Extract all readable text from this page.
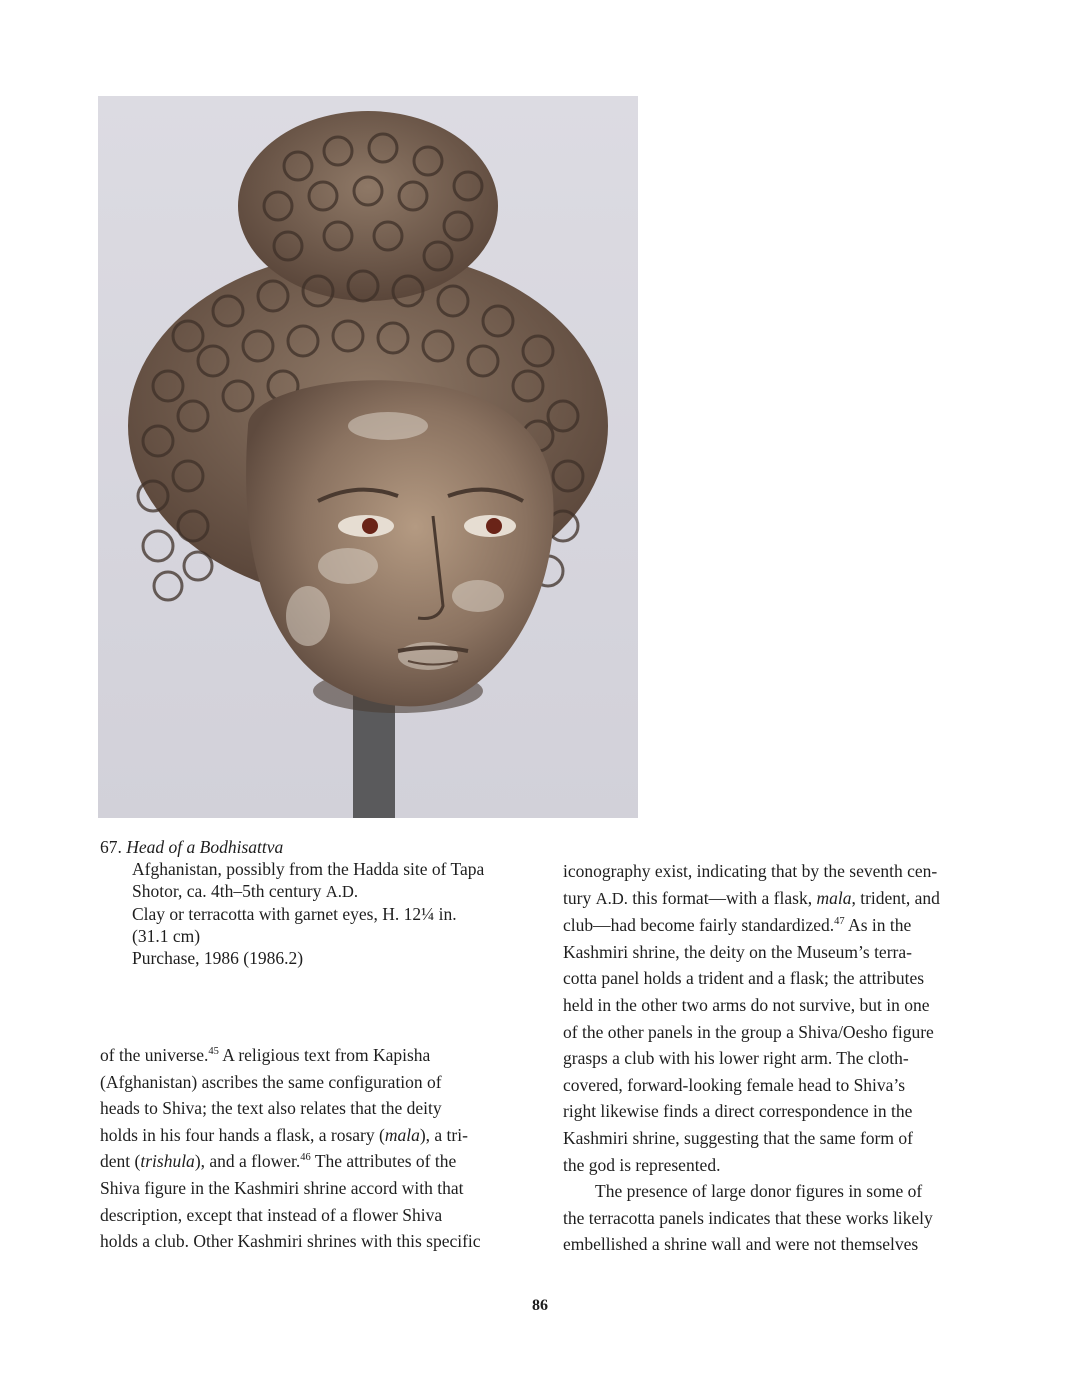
67. Head of a Bodhisattva

Afghanistan, possibly from the Hadda site of Tapa

Shotor, ca. 4th–5th century A.D.

Clay or terracotta with garnet eyes, H. 12¼ in.

(31.1 cm)

Purchase, 1986 (1986.2)

of the universe.$^{45}$ A religious text from Kapisha

(Afghanistan) ascribes the same configuration of

heads to Shiva; the text also relates that the deity

holds in his four hands a flask, a rosary (mala), a tri-

dent (trishula), and a flower.$^{46}$ The attributes of the

Shiva figure in the Kashmiri shrine accord with that

description, except that instead of a flower Shiva

holds a club. Other Kashmiri shrines with this specific

iconography exist, indicating that by the seventh cen-

tury A.D. this format—with a flask, mala, trident, and

club—had become fairly standardized.$^{47}$ As in the

Kashmiri shrine, the deity on the Museum’s terra-

cotta panel holds a trident and a flask; the attributes

held in the other two arms do not survive, but in one

of the other panels in the group a Shiva/Oesho figure

grasps a club with his lower right arm. The cloth-

covered, forward-looking female head to Shiva’s

right likewise finds a direct correspondence in the

Kashmiri shrine, suggesting that the same form of

the god is represented.

The presence of large donor figures in some of

the terracotta panels indicates that these works likely

embellished a shrine wall and were not themselves

86
